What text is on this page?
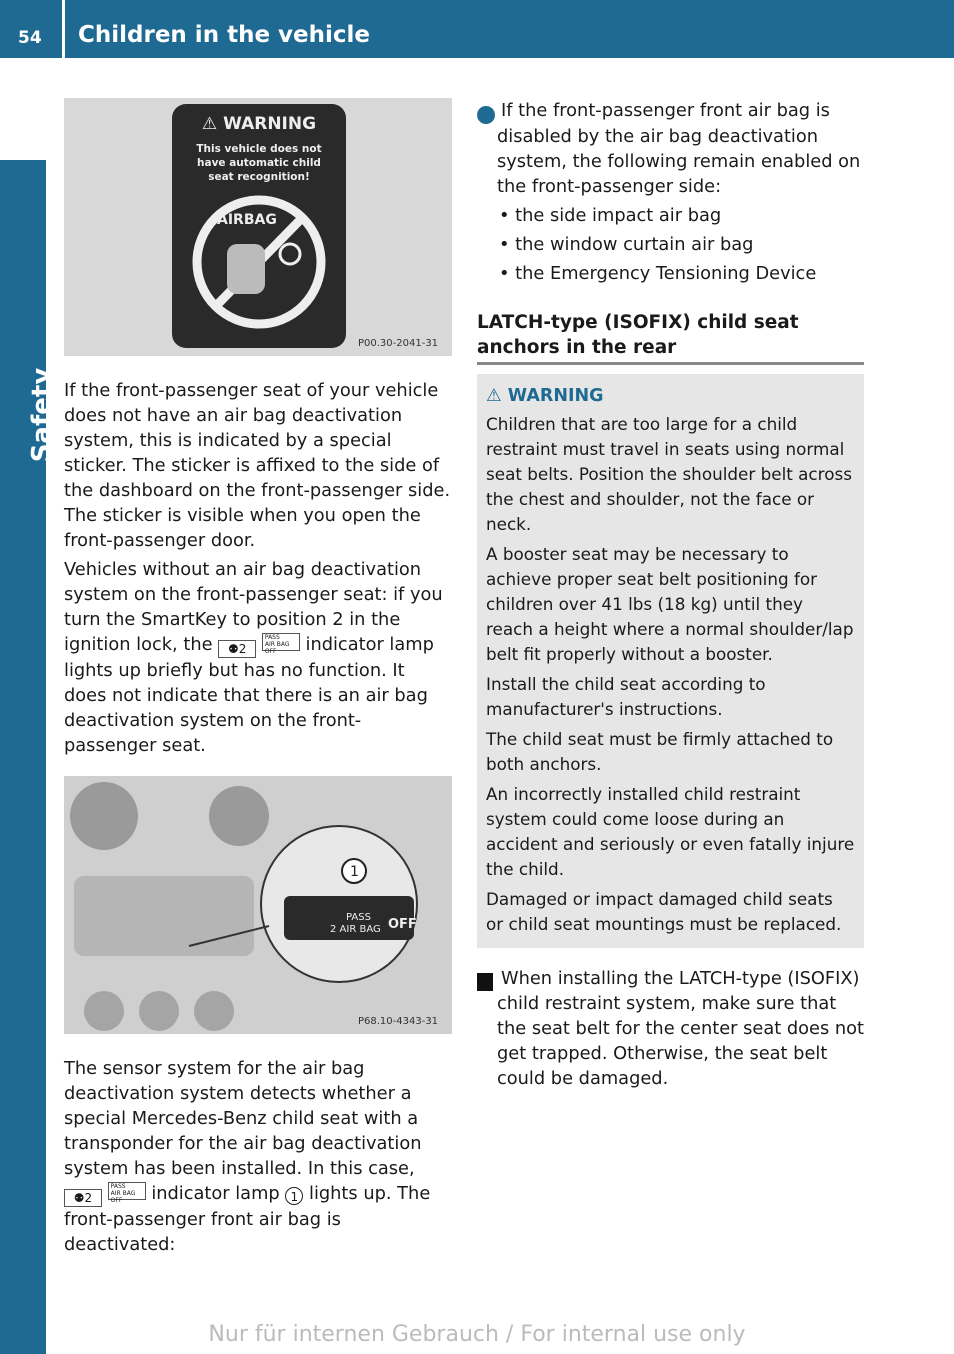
54 Children in the vehicle
Safety
⚠ WARNING
This vehicle does not
have automatic child
seat recognition!
AIRBAG
P00.30-2041-31

If the front-passenger seat of your vehicle does not have an air bag deactivation system, this is indicated by a special sticker. The sticker is affixed to the side of the dashboard on the front-passenger side. The sticker is visible when you open the front-passenger door.

Vehicles without an air bag deactivation system on the front-passenger seat: if you turn the SmartKey to position 2 in the ignition lock, the ⚉2 PASS
AIR BAG OFF indicator lamp lights up briefly but has no function. It does not indicate that there is an air bag deactivation system on the front-passenger seat.

1
PASS
2 AIR BAG OFF
P68.10-4343-31

The sensor system for the air bag deactivation system detects whether a special Mercedes-Benz child seat with a transponder for the air bag deactivation system has been installed. In this case, ⚉2 PASS
AIR BAG OFF indicator lamp 1 lights up. The front-passenger front air bag is deactivated:

i If the front-passenger front air bag is disabled by the air bag deactivation system, the following remain enabled on the front-passenger side:

• the side impact air bag
• the window curtain air bag
• the Emergency Tensioning Device
LATCH-type (ISOFIX) child seat anchors in the rear
⚠ WARNING

Children that are too large for a child restraint must travel in seats using normal seat belts. Position the shoulder belt across the chest and shoulder, not the face or neck.

A booster seat may be necessary to achieve proper seat belt positioning for children over 41 lbs (18 kg) until they reach a height where a normal shoulder/lap belt fit properly without a booster.

Install the child seat according to manufacturer's instructions.

The child seat must be firmly attached to both anchors.

An incorrectly installed child restraint system could come loose during an accident and seriously or even fatally injure the child.

Damaged or impact damaged child seats or child seat mountings must be replaced.

! When installing the LATCH-type (ISOFIX) child restraint system, make sure that the seat belt for the center seat does not get trapped. Otherwise, the seat belt could be damaged.

Nur für internen Gebrauch / For internal use only
